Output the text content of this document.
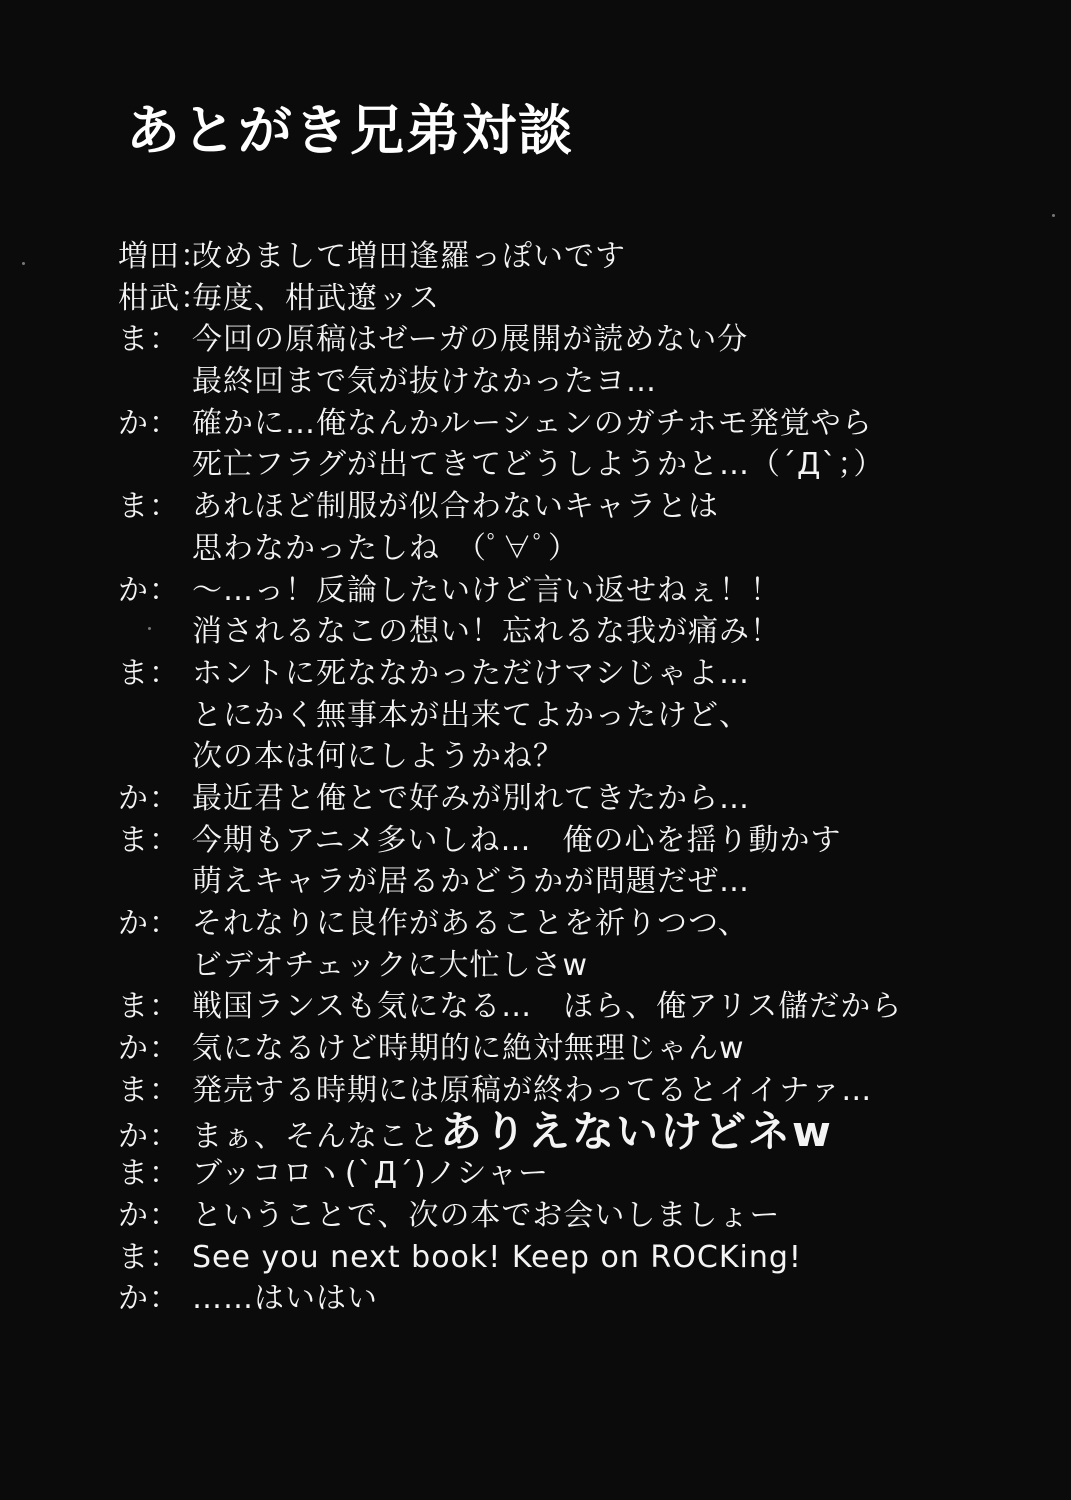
あとがき兄弟対談
増田：
改めまして増田逢羅っぽいです
柑武：
毎度、柑武遼ッス
ま： 今回の原稿はゼーガの展開が読めない分
最終回まで気が抜けなかったヨ…
か： 確かに…俺なんかルーシェンのガチホモ発覚やら
死亡フラグが出てきてどうしようかと…（´Д`；）
ま： あれほど制服が似合わないキャラとは
思わなかったしね　（ﾟ∀ﾟ）
か： 〜…っ！反論したいけど言い返せねぇ！！
消されるなこの想い！忘れるな我が痛み！
ま： ホントに死ななかっただけマシじゃよ…
とにかく無事本が出来てよかったけど、
次の本は何にしようかね？
か： 最近君と俺とで好みが別れてきたから…
ま： 今期もアニメ多いしね…　俺の心を揺り動かす
萌えキャラが居るかどうかが問題だぜ…
か： それなりに良作があることを祈りつつ、
ビデオチェックに大忙しさw
ま： 戦国ランスも気になる…　ほら、俺アリス儲だから
か： 気になるけど時期的に絶対無理じゃんw
ま： 発売する時期には原稿が終わってるとイイナァ…
か： まぁ、そんなこと ありえないけどネw
ま： ブッコロヽ(`Д´)ノシャー
か： ということで、次の本でお会いしましょー
ま： See you next book! Keep on ROCKing!
か： ……はいはい
